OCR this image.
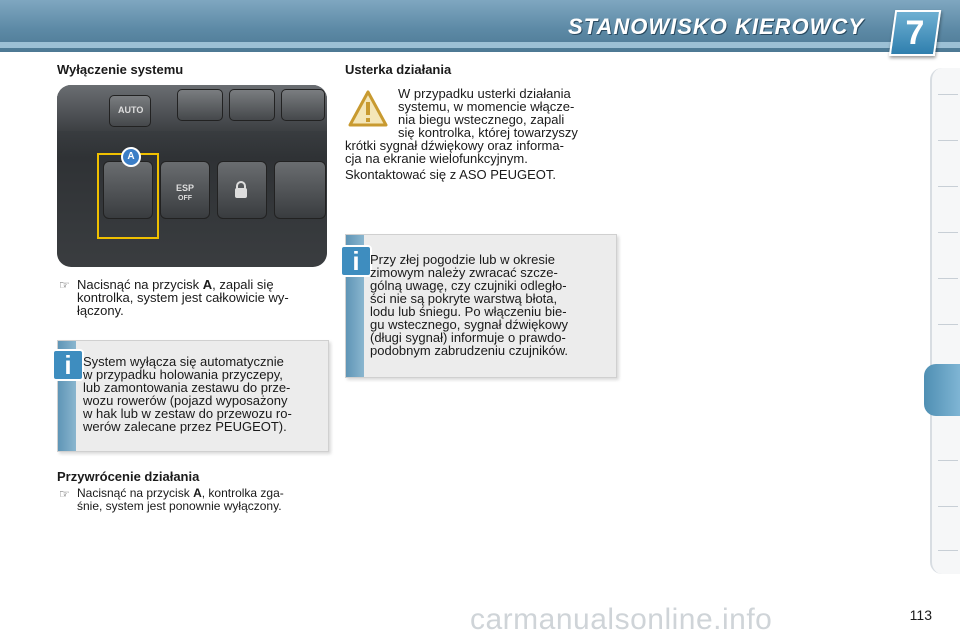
STANOWISKO KIEROWCY	7
Wyłączenie systemu
AUTO
ESP
OFF
A
☞ Nacisnąć na przycisk A, zapali się
kontrolka, system jest całkowicie wy-
łączony.
i System wyłącza się automatycznie
w przypadku holowania przyczepy,
lub zamontowania zestawu do prze-
wozu rowerów (pojazd wyposażony
w hak lub w zestaw do przewozu ro-
werów zalecane przez PEUGEOT).
Przywrócenie działania
☞ Nacisnąć na przycisk A, kontrolka zga-
śnie, system jest ponownie wyłączony.
Usterka działania
W przypadku usterki działania
systemu, w momencie włącze-
nia biegu wstecznego, zapali
się kontrolka, której towarzyszy
krótki sygnał dźwiękowy oraz informa-
cja na ekranie wielofunkcyjnym.
Skontaktować się z ASO PEUGEOT.
i Przy złej pogodzie lub w okresie
zimowym należy zwracać szcze-
gólną uwagę, czy czujniki odległo-
ści nie są pokryte warstwą błota,
lodu lub śniegu. Po włączeniu bie-
gu wstecznego, sygnał dźwiękowy
(długi sygnał) informuje o prawdo-
podobnym zabrudzeniu czujników.
carmanualsonline.info	113
